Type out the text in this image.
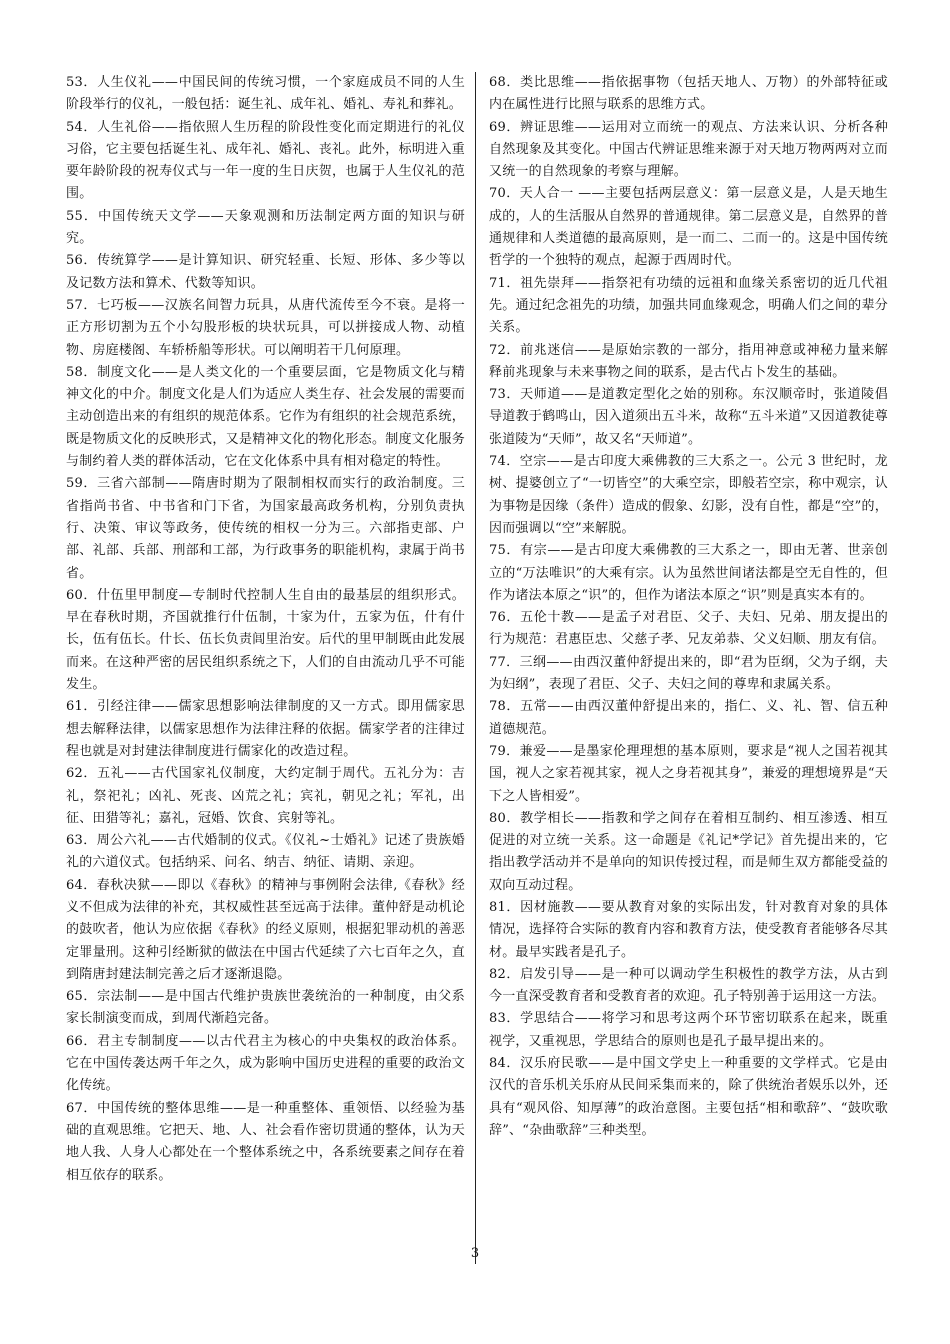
53．人生仪礼——中国民间的传统习惯，一个家庭成员不同的人生阶段举行的仪礼，一般包括：诞生礼、成年礼、婚礼、寿礼和葬礼。

54．人生礼俗——指依照人生历程的阶段性变化而定期进行的礼仪习俗，它主要包括诞生礼、成年礼、婚礼、丧礼。此外，标明进入重要年龄阶段的祝寿仪式与一年一度的生日庆贺，也属于人生仪礼的范围。

55．中国传统天文学——天象观测和历法制定两方面的知识与研究。

56．传统算学——是计算知识、研究轻重、长短、形体、多少等以及记数方法和算术、代数等知识。

57．七巧板——汉族名间智力玩具，从唐代流传至今不衰。是将一正方形切割为五个小勾股形板的块状玩具，可以拼接成人物、动植物、房庭楼阁、车轿桥船等形状。可以阐明若干几何原理。

58．制度文化——是人类文化的一个重要层面，它是物质文化与精神文化的中介。制度文化是人们为适应人类生存、社会发展的需要而主动创造出来的有组织的规范体系。它作为有组织的社会规范系统，既是物质文化的反映形式，又是精神文化的物化形态。制度文化服务与制约着人类的群体活动，它在文化体系中具有相对稳定的特性。

59．三省六部制——隋唐时期为了限制相权而实行的政治制度。三省指尚书省、中书省和门下省，为国家最高政务机构，分别负责执行、决策、审议等政务，使传统的相权一分为三。六部指吏部、户部、礼部、兵部、刑部和工部，为行政事务的职能机构，隶属于尚书省。

60．什伍里甲制度—专制时代控制人生自由的最基层的组织形式。早在春秋时期，齐国就推行什伍制，十家为什，五家为伍，什有什长，伍有伍长。什长、伍长负责闾里治安。后代的里甲制既由此发展而来。在这种严密的居民组织系统之下，人们的自由流动几乎不可能发生。

61．引经注律——儒家思想影响法律制度的又一方式。即用儒家思想去解释法律，以儒家思想作为法律注释的依据。儒家学者的注律过程也就是对封建法律制度进行儒家化的改造过程。

62．五礼——古代国家礼仪制度，大约定制于周代。五礼分为：吉礼，祭祀礼；凶礼、死丧、凶荒之礼；宾礼，朝见之礼；军礼，出征、田猎等礼；嘉礼，冠婚、饮食、宾射等礼。

63．周公六礼——古代婚制的仪式。《仪礼~士婚礼》记述了贵族婚礼的六道仪式。包括纳采、问名、纳吉、纳征、请期、亲迎。

64．春秋决狱——即以《春秋》的精神与事例附会法律,《春秋》经义不但成为法律的补充，其权威性甚至远高于法律。董仲舒是动机论的鼓吹者，他认为应依据《春秋》的经义原则，根据犯罪动机的善恶定罪量刑。这种引经断狱的做法在中国古代延续了六七百年之久，直到隋唐封建法制完善之后才逐渐退隐。

65．宗法制——是中国古代维护贵族世袭统治的一种制度，由父系家长制演变而成，到周代渐趋完备。

66．君主专制制度——以古代君主为核心的中央集权的政治体系。它在中国传袭达两千年之久，成为影响中国历史进程的重要的政治文化传统。

67．中国传统的整体思维——是一种重整体、重领悟、以经验为基础的直观思维。它把天、地、人、社会看作密切贯通的整体，认为天地人我、人身人心都处在一个整体系统之中，各系统要素之间存在着相互依存的联系。

68．类比思维——指依据事物（包括天地人、万物）的外部特征或内在属性进行比照与联系的思维方式。

69．辨证思维——运用对立而统一的观点、方法来认识、分析各种自然现象及其变化。中国古代辨证思维来源于对天地万物两两对立而又统一的自然现象的考察与理解。

70．天人合一 ——主要包括两层意义：第一层意义是，人是天地生成的，人的生活服从自然界的普通规律。第二层意义是，自然界的普通规律和人类道德的最高原则，是一而二、二而一的。这是中国传统哲学的一个独特的观点，起源于西周时代。

71．祖先崇拜——指祭祀有功绩的远祖和血缘关系密切的近几代祖先。通过纪念祖先的功绩，加强共同血缘观念，明确人们之间的辈分关系。

72．前兆迷信——是原始宗教的一部分，指用神意或神秘力量来解释前兆现象与未来事物之间的联系，是古代占卜发生的基础。

73．天师道——是道教定型化之始的别称。东汉顺帝时，张道陵倡导道教于鹤鸣山，因入道须出五斗米，故称“五斗米道”又因道教徒尊张道陵为“天师”，故又名“天师道”。

74．空宗——是古印度大乘佛教的三大系之一。公元 3 世纪时，龙树、提婆创立了“一切皆空”的大乘空宗，即般若空宗，称中观宗，认为事物是因缘（条件）造成的假象、幻影，没有自性，都是“空”的，因而强调以“空”来解脱。

75．有宗——是古印度大乘佛教的三大系之一，即由无著、世亲创立的“万法唯识”的大乘有宗。认为虽然世间诸法都是空无自性的，但作为诸法本原之“识”的，但作为诸法本原之“识”则是真实本有的。

76．五伦十教——是孟子对君臣、父子、夫妇、兄弟、朋友提出的行为规范：君惠臣忠、父慈子孝、兄友弟恭、父义妇顺、朋友有信。

77．三纲——由西汉董仲舒提出来的，即“君为臣纲，父为子纲，夫为妇纲”，表现了君臣、父子、夫妇之间的尊卑和隶属关系。

78．五常——由西汉董仲舒提出来的，指仁、义、礼、智、信五种道德规范。

79．兼爱——是墨家伦理理想的基本原则，要求是“视人之国若视其国，视人之家若视其家，视人之身若视其身”，兼爱的理想境界是“天下之人皆相爱”。

80．教学相长——指教和学之间存在着相互制约、相互渗透、相互促进的对立统一关系。这一命题是《礼记*学记》首先提出来的，它指出教学活动并不是单向的知识传授过程，而是师生双方都能受益的双向互动过程。

81．因材施教——要从教育对象的实际出发，针对教育对象的具体情况，选择符合实际的教育内容和教育方法，使受教育者能够各尽其材。最早实践者是孔子。

82．启发引导——是一种可以调动学生积极性的教学方法，从古到今一直深受教育者和受教育者的欢迎。孔子特别善于运用这一方法。

83．学思结合——将学习和思考这两个环节密切联系在起来，既重视学，又重视思，学思结合的原则也是孔子最早提出来的。

84．汉乐府民歌——是中国文学史上一种重要的文学样式。它是由汉代的音乐机关乐府从民间采集而来的，除了供统治者娱乐以外，还具有“观风俗、知厚薄”的政治意图。主要包括“相和歌辞”、“鼓吹歌辞”、“杂曲歌辞”三种类型。

3
